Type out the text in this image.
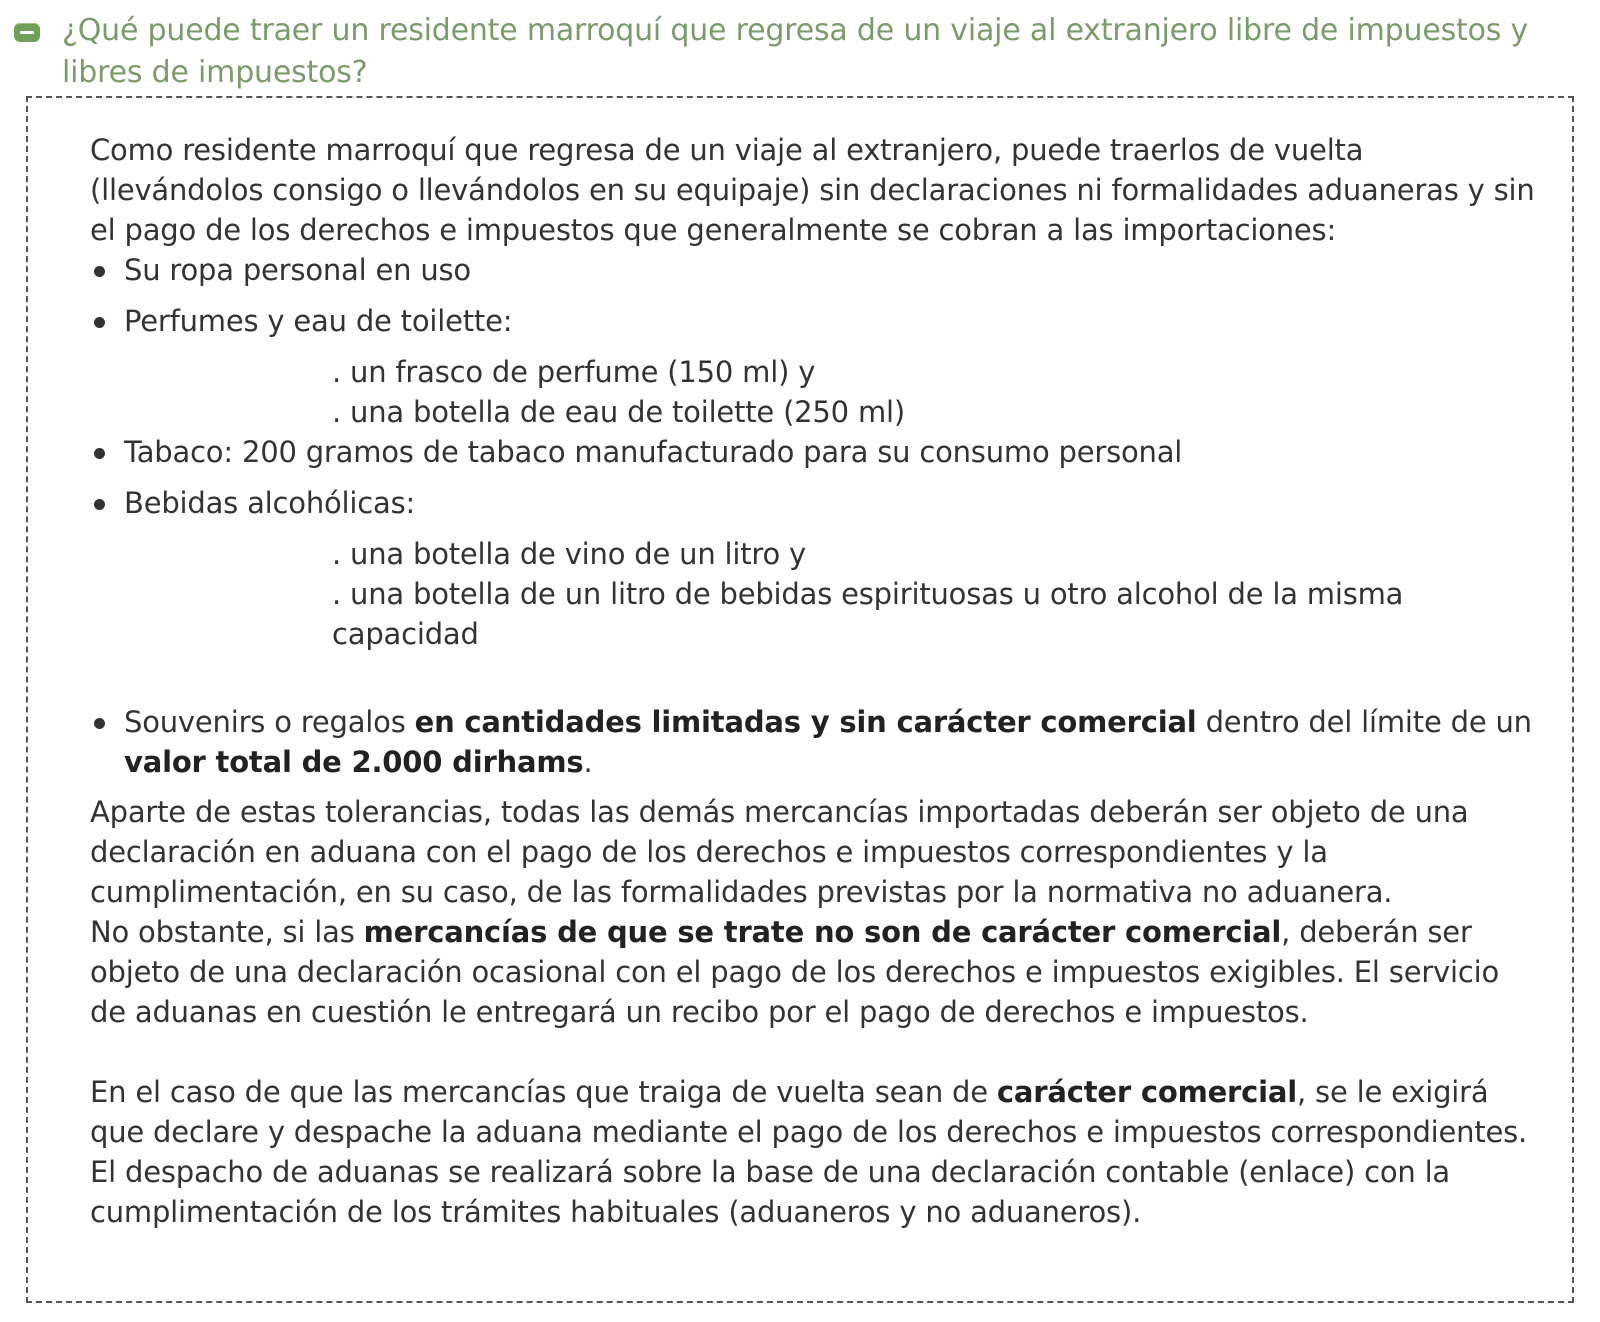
¿Qué puede traer un residente marroquí que regresa de un viaje al extranjero libre de impuestos y libres de impuestos?

Como residente marroquí que regresa de un viaje al extranjero, puede traerlos de vuelta (llevándolos consigo o llevándolos en su equipaje) sin declaraciones ni formalidades aduaneras y sin el pago de los derechos e impuestos que generalmente se cobran a las importaciones:

Su ropa personal en uso
Perfumes y eau de toilette:
. un frasco de perfume (150 ml) y
. una botella de eau de toilette (250 ml)
Tabaco: 200 gramos de tabaco manufacturado para su consumo personal
Bebidas alcohólicas:
. una botella de vino de un litro y
. una botella de un litro de bebidas espirituosas u otro alcohol de la misma capacidad
Souvenirs o regalos en cantidades limitadas y sin carácter comercial dentro del límite de un valor total de 2.000 dirhams.

Aparte de estas tolerancias, todas las demás mercancías importadas deberán ser objeto de una declaración en aduana con el pago de los derechos e impuestos correspondientes y la cumplimentación, en su caso, de las formalidades previstas por la normativa no aduanera.
No obstante, si las mercancías de que se trate no son de carácter comercial, deberán ser objeto de una declaración ocasional con el pago de los derechos e impuestos exigibles. El servicio de aduanas en cuestión le entregará un recibo por el pago de derechos e impuestos.

En el caso de que las mercancías que traiga de vuelta sean de carácter comercial, se le exigirá que declare y despache la aduana mediante el pago de los derechos e impuestos correspondientes. El despacho de aduanas se realizará sobre la base de una declaración contable (enlace) con la cumplimentación de los trámites habituales (aduaneros y no aduaneros).
